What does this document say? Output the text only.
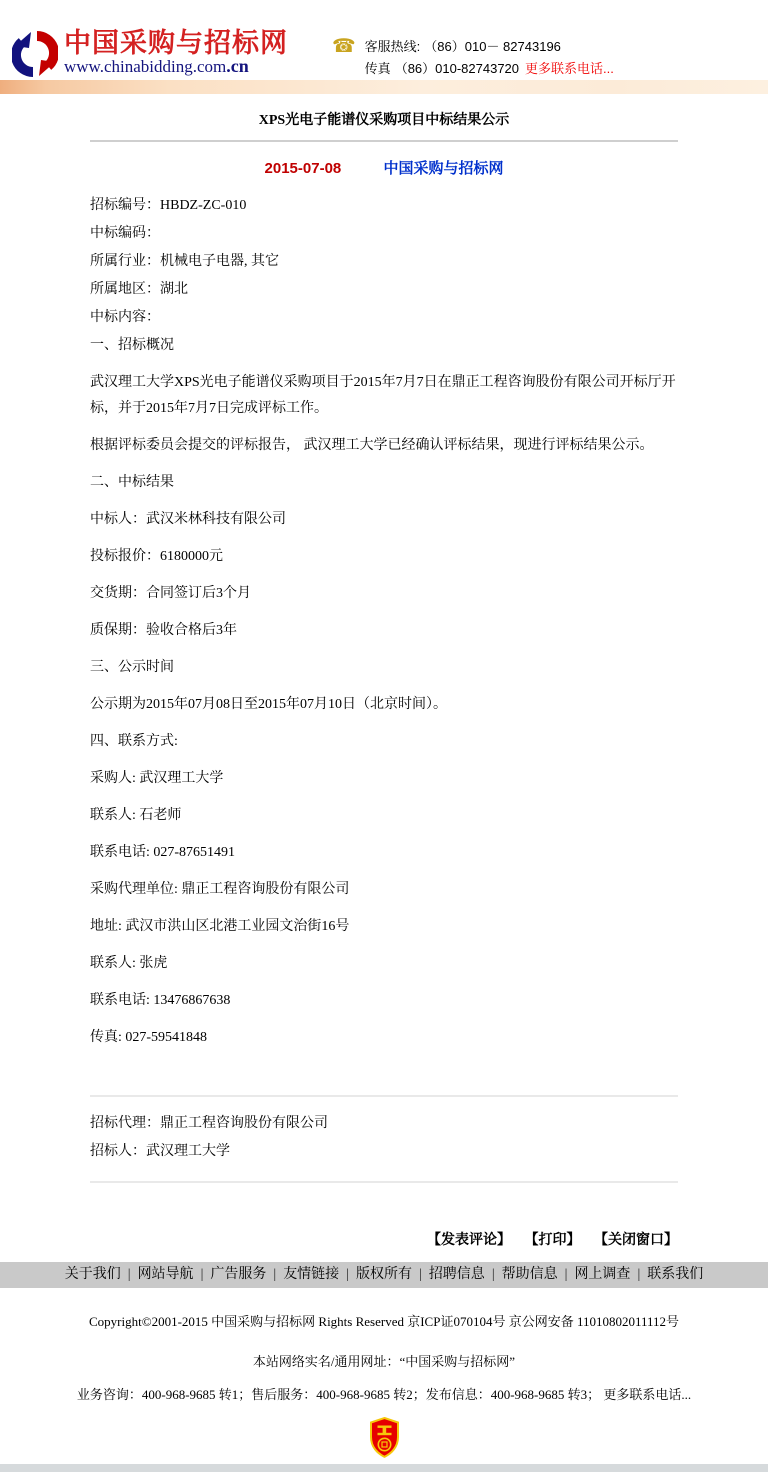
中国采购与招标网
www.chinabidding.com.cn
☎ 客服热线: （86）010－ 82743196
传真 （86）010-82743720 更多联系电话...
XPS光电子能谱仪采购项目中标结果公示
2015-07-08	中国采购与招标网

招标编号：HBDZ-ZC-010

中标编码：

所属行业：机械电子电器, 其它

所属地区：湖北

中标内容：

一、招标概况

武汉理工大学XPS光电子能谱仪采购项目于2015年7月7日在鼎正工程咨询股份有限公司开标厅开标，并于2015年7月7日完成评标工作。

根据评标委员会提交的评标报告， 武汉理工大学已经确认评标结果，现进行评标结果公示。

二、中标结果

中标人：武汉米林科技有限公司

投标报价：6180000元

交货期：合同签订后3个月

质保期：验收合格后3年

三、公示时间

公示期为2015年07月08日至2015年07月10日（北京时间）。

四、联系方式:

采购人: 武汉理工大学

联系人: 石老师

联系电话: 027-87651491

采购代理单位: 鼎正工程咨询股份有限公司

地址: 武汉市洪山区北港工业园文治街16号

联系人: 张虎

联系电话: 13476867638

传真: 027-59541848

招标代理：鼎正工程咨询股份有限公司

招标人：武汉理工大学

【发表评论】 【打印】 【关闭窗口】
关于我们 | 网站导航 | 广告服务 | 友情链接 | 版权所有 | 招聘信息 | 帮助信息 | 网上调查 | 联系我们
Copyright©2001-2015 中国采购与招标网 Rights Reserved 京ICP证070104号 京公网安备 11010802011112号
本站网络实名/通用网址：“中国采购与招标网”
业务咨询：400-968-9685 转1；售后服务：400-968-9685 转2；发布信息：400-968-9685 转3； 更多联系电话...
